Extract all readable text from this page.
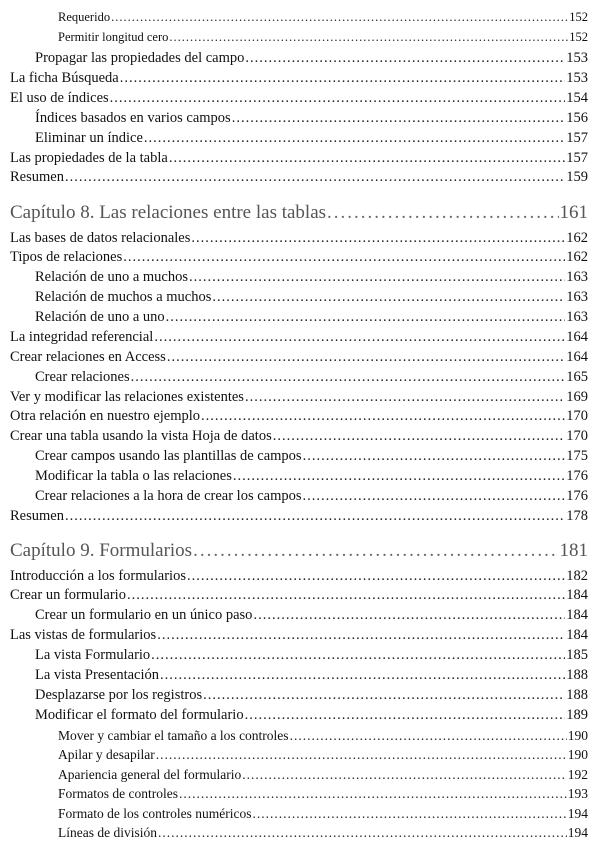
Requerido .....	152
Permitir longitud cero .....	152
Propagar las propiedades del campo .....	153
La ficha Búsqueda .....	153
El uso de índices .....	154
Índices basados en varios campos .....	156
Eliminar un índice .....	157
Las propiedades de la tabla .....	157
Resumen .....	159
Capítulo 8. Las relaciones entre las tablas .....	161
Las bases de datos relacionales .....	162
Tipos de relaciones .....	162
Relación de uno a muchos .....	163
Relación de muchos a muchos .....	163
Relación de uno a uno .....	163
La integridad referencial .....	164
Crear relaciones en Access .....	164
Crear relaciones .....	165
Ver y modificar las relaciones existentes .....	169
Otra relación en nuestro ejemplo .....	170
Crear una tabla usando la vista Hoja de datos .....	170
Crear campos usando las plantillas de campos .....	175
Modificar la tabla o las relaciones .....	176
Crear relaciones a la hora de crear los campos .....	176
Resumen .....	178
Capítulo 9. Formularios .....	181
Introducción a los formularios .....	182
Crear un formulario .....	184
Crear un formulario en un único paso .....	184
Las vistas de formularios .....	184
La vista Formulario .....	185
La vista Presentación .....	188
Desplazarse por los registros .....	188
Modificar el formato del formulario .....	189
Mover y cambiar el tamaño a los controles .....	190
Apilar y desapilar .....	190
Apariencia general del formulario .....	192
Formatos de controles .....	193
Formato de los controles numéricos .....	194
Líneas de división .....	194
